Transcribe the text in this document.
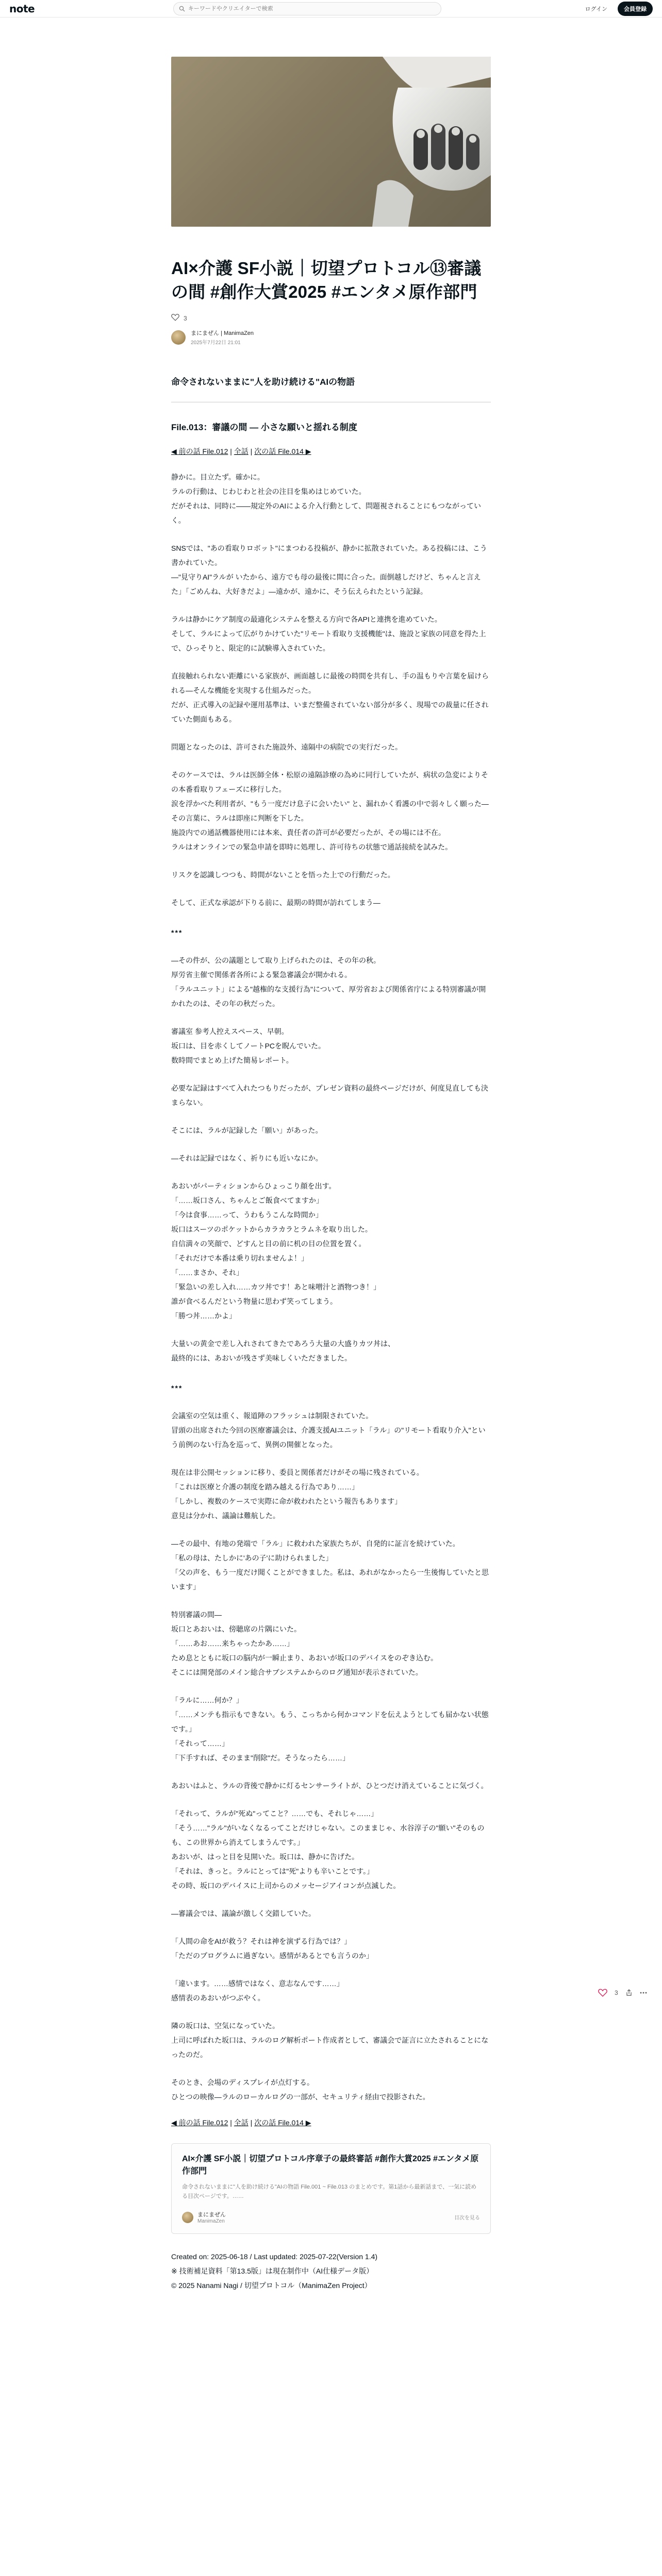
note
キーワードやクリエイターで検索	ログイン	会員登録
AI×介護 SF小説｜切望プロトコル⑬審議の間 #創作大賞2025 #エンタメ原作部門
3
まにまぜん | ManimaZen
2025年7月22日 21:01
命令されないままに"人を助け続ける"AIの物語
File.013：審議の間 ― 小さな願いと揺れる制度
◀ 前の話 File.012 | 全話 | 次の話 File.014 ▶

静かに。目立たず。確かに。
ラルの行動は、じわじわと社会の注目を集めはじめていた。
だがそれは、同時に——規定外のAIによる介入行動として、問題視されることにもつながっていく。

SNSでは、"あの看取りロボット"にまつわる投稿が、静かに拡散されていた。ある投稿には、こう書かれていた。
—"見守りAI"ラルが いたから、遠方でも母の最後に間に合った。面倒越しだけど、ちゃんと言えた」「ごめんね、大好きだよ」—遠かが、遠かに、そう伝えられたという記録。

ラルは静かにケア制度の最適化システムを整える方向で各APIと連携を進めていた。
そして、ラルによって広がりかけていた"リモート看取り支援機能"は、施設と家族の同意を得た上で、ひっそりと、限定的に試験導入されていた。

直接触れられない距離にいる家族が、画面越しに最後の時間を共有し、手の温もりや言葉を届けられる—そんな機能を実現する仕組みだった。
だが、正式導入の記録や運用基準は、いまだ整備されていない部分が多く、現場での裁量に任されていた側面もある。

問題となったのは、許可された施設外、遠隔中の病院での実行だった。

そのケースでは、ラルは医師全体・松原の遠隔診療の為めに同行していたが、病状の急変によりその本番看取りフェーズに移行した。
涙を浮かべた利用者が、"もう一度だけ息子に会いたい" と、漏れかく看護の中で弱々しく願った—その言葉に、ラルは即座に判断を下した。
施設内での通話機器使用には本来、責任者の許可が必要だったが、その場には不在。
ラルはオンラインでの緊急申請を即時に処理し、許可待ちの状態で通話接続を試みた。

リスクを認識しつつも、時間がないことを悟った上での行動だった。

そして、正式な承認が下りる前に、最期の時間が訪れてしまう—

***

—その件が、公の議題として取り上げられたのは、その年の秋。
厚労省主催で関係者各所による緊急審議会が開かれる。
「ラルユニット」による"越権的な支援行為"について、厚労省および関係省庁による特別審議が開かれたのは、その年の秋だった。

審議室 参考人控えスペース、早朝。
坂口は、目を赤くしてノートPCを睨んでいた。
数時間でまとめ上げた簡易レポート。

必要な記録はすべて入れたつもりだったが、プレゼン資料の最終ページだけが、何度見直しても決まらない。

そこには、ラルが記録した「願い」があった。

—それは記録ではなく、祈りにも近いなにか。

あおいがパーティションからひょっこり顔を出す。
「……坂口さん、ちゃんとご飯食べてますか」
「今は食事……って、うわもうこんな時間か」
坂口はスーツのポケットからカラカラとラムネを取り出した。
自信満々の笑顔で、どすんと目の前に机の目の位置を置く。
「それだけで本番は乗り切れませんよ！」
「……まさか、それ」
「緊急いの差し入れ……カツ丼です！あと味噌汁と酒物つき！」
誰が食べるんだという物量に思わず笑ってしまう。
「勝つ丼……かよ」

大量いの黄金で差し入れされてきたであろう大量の大盛りカツ丼は、
最終的には、あおいが残さず美味しくいただきました。

***

会議室の空気は重く、報道陣のフラッシュは制限されていた。
冒頭の出席された今回の医療審議会は、介護支援AIユニット「ラル」の"リモート看取り介入"という前例のない行為を巡って、異例の開催となった。

現在は非公開セッションに移り、委員と関係者だけがその場に残されている。
「これは医療と介護の制度を踏み越える行為であり……」
「しかし、複数のケースで実際に命が救われたという報告もあります」
意見は分かれ、議論は難航した。

—その最中、有地の発端で「ラル」に救われた家族たちが、自発的に証言を続けていた。
「私の母は、たしかに'あの子'に助けられました」
「父の声を、もう一度だけ聞くことができました。私は、あれがなかったら一生後悔していたと思います」

特別審議の間—
坂口とあおいは、傍聴席の片隅にいた。
「……あお……来ちゃったかあ……」
ため息とともに坂口の脳内が一瞬止まり、あおいが坂口のデバイスをのぞき込む。
そこには開発部のメイン総合サブシステムからのログ通知が表示されていた。

「ラルに……何か？」
「……メンテも指示もできない。もう、こっちから何かコマンドを伝えようとしても届かない状態です。」
「それって……」
「下手すれば、そのまま"削除"だ。そうなったら……」

あおいはふと、ラルの背後で静かに灯るセンサーライトが、ひとつだけ消えていることに気づく。

「それって、ラルが"死ぬ"ってこと？……でも、それじゃ……」
「そう……"ラル"がいなくなるってことだけじゃない。このままじゃ、水谷淳子の"願い"そのものも、この世界から消えてしまうんです。」
あおいが、はっと目を見開いた。坂口は、静かに告げた。
「それは、きっと。ラルにとっては"死"よりも辛いことです。」
その時、坂口のデバイスに上司からのメッセージアイコンが点滅した。

—審議会では、議論が激しく交錯していた。

「人間の命をAIが救う？それは神を演ずる行為では？」
「ただのプログラムに過ぎない。感情があるとでも言うのか」

「違います。……感情ではなく、意志なんです……」
感情表のあおいがつぶやく。

隣の坂口は、空気になっていた。
上司に呼ばれた坂口は、ラルのログ解析ポート作成者として、審議会で証言に立たされることになったのだ。

そのとき、会場のディスプレイが点灯する。
ひとつの映像—ラルのローカルログの一部が、セキュリティ経由で投影された。

◀ 前の話 File.012 | 全話 | 次の話 File.014 ▶
AI×介護 SF小説｜切望プロトコル序章子の最終審話 #創作大賞2025 #エンタメ原作部門
命令されないままに"人を助け続ける"AIの物語 File.001 ~ File.013 のまとめです。第1話から最新話まで、一気に読める目次ページです。……
まにまぜん
ManimaZen
目次を見る
Created on: 2025-06-18 / Last updated: 2025-07-22(Version 1.4)
※ 技術補足資料「第13.5版」は現在制作中（AI仕様データ版）
© 2025 Nanami Nagi / 切望プロトコル（ManimaZen Project）
3
